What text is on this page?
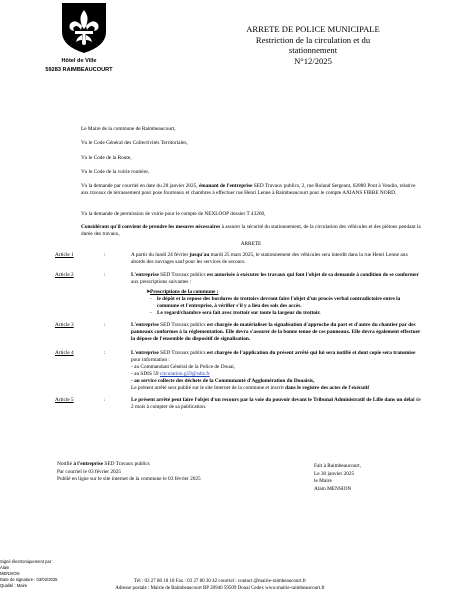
Hôtel de Ville
59283 RAIMBEAUCOURT
ARRETE DE POLICE MUNICIPALE
Restriction de la circulation et du
stationnement
N°12/2025
Le Maire de la commune de Raimbeaucourt,
Vu le Code Général des Collectivités Territoriales,
Vu le Code de la Route,
Vu le Code de la voirie routière,
Vu la demande par courriel en date du 28 janvier 2025, émanant de l'entreprise SED Travaux publics, 2, rue Roland Sergeant, 62880 Pont à Vendin, relative aux travaux de terrassement pour pose fourreaux et chambres à effectuer rue Henri Lenne à Raimbeaucourt pour le compte AXIANS FIBRE NORD.
Vu la demande de permission de voirie pour le compte de NEXLOOP dossier T 43260,
Considérant qu'il convient de prendre les mesures nécessaires à assurer la sécurité du stationnement, de la circulation des véhicules et des piétons pendant la durée des travaux,
ARRETE
Article 1	:	A partir du lundi 24 février jusqu'au mardi 25 mars 2025, le stationnement des véhicules sera interdit dans la rue Henri Lenne aux abords des ouvrages sauf pour les services de secours.
Article 2	:	L'entreprise SED Travaux publics est autorisée à exécuter les travaux qui font l'objet de sa demande à condition de se conformer aux prescriptions suivantes :
➤ Prescriptions de la commune :
- le dépôt et la repose des bordures de trottoirs devront faire l'objet d'un procès verbal contradictoire entre la commune et l'entreprise, à vérifier s'il y a lieu des sols des accès.
- Le regard/chambre sera fait avec trottoir sur toute la largeur du trottoir.
Article 3	:	L'entreprise SED Travaux publics est chargée de matérialiser la signalisation d'approche du part et d'autre du chantier par des panneaux conformes à la réglementation. Elle devra s'assurer de la bonne tenue de ces panneaux. Elle devra également effectuer la dépose de l'ensemble du dispositif de signalisation.
Article 4	:	L'entreprise SED Travaux publics est chargée de l'application du présent arrêté qui lui sera notifié et dont copie sera transmise pour information :
- au Commandant Général de la Police de Douai,
- au SDIS 59 circulation.g59@sdis.fr
- au service collecte des déchets de la Communauté d'Agglomération du Douaisis,
Le présent arrêté sera publié sur le site Internet de la commune et inscrit dans le registre des actes de l'exécutif
Article 5	:	Le présent arrêté peut faire l'objet d'un recours par la voie du pouvoir devant le Tribunal Administratif de Lille dans un délai de 2 mois à compter de sa publication.
Notifié à l'entreprise SED Travaux publics
Par courriel le 03 février 2025
Publié en ligne sur le site internet de la commune le 03 février 2025
Fait à Raimbeaucourt,
Le 30 janvier 2025
le Maire
Alain MENSION
Signé électroniquement par : Alain
MENSION
Date de signature : 03/02/2025
Qualité : Maire
Tél : 03 27 80 18 18 Fax : 03 27 80 30 42 courriel : contact @mairie-raimbeaucourt.fr
Adresse postale : Mairie de Raimbeaucourt BP 20946 59509 Douai Cedex www.mairie-raimbeaucourt.fr
